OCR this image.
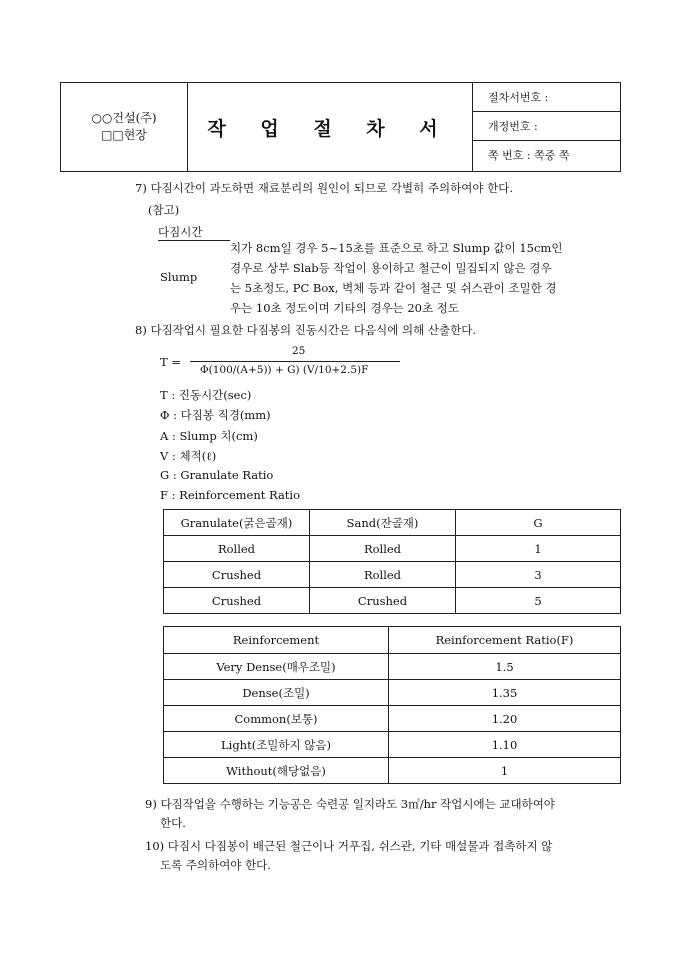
○○건설(주)
□□현장	작 업 절 차 서
절차서번호 :
개정번호 :
쪽 번호 : 쪽중 쪽
7) 다짐시간이 과도하면 재료분리의 원인이 되므로 각별히 주의하여야 한다.
(참고)
다짐시간
Slump
치가 8cm일 경우 5~15초를 표준으로 하고 Slump 값이 15cm인
경우로 상부 Slab등 작업이 용이하고 철근이 밀집되지 않은 경우
는 5초정도, PC Box, 벽체 등과 같이 철근 및 쉬스관이 조밀한 경
우는 10초 정도이며 기타의 경우는 20초 정도
8) 다짐작업시 필요한 다짐봉의 진동시간은 다음식에 의해 산출한다.
T =
25
Φ(100/(A+5)) + G) (V/10+2.5)F
T : 진동시간(sec)
Φ : 다짐봉 직경(mm)
A : Slump 치(cm)
V : 체적(ℓ)
G : Granulate Ratio
F : Reinforcement Ratio
Granulate(굵은골재)	Sand(잔골재)	G
Rolled	Rolled	1
Crushed	Rolled	3
Crushed	Crushed	5
Reinforcement	Reinforcement Ratio(F)
Very Dense(매우조밀)	1.5
Dense(조밀)	1.35
Common(보통)	1.20
Light(조밀하지 않음)	1.10
Without(해당없음)	1
9) 다짐작업을 수행하는 기능공은 숙련공 일지라도 3㎥/hr 작업시에는 교대하여야
한다.
10) 다짐시 다짐봉이 배근된 철근이나 거푸집, 쉬스관, 기타 매설물과 접촉하지 않
도록 주의하여야 한다.
